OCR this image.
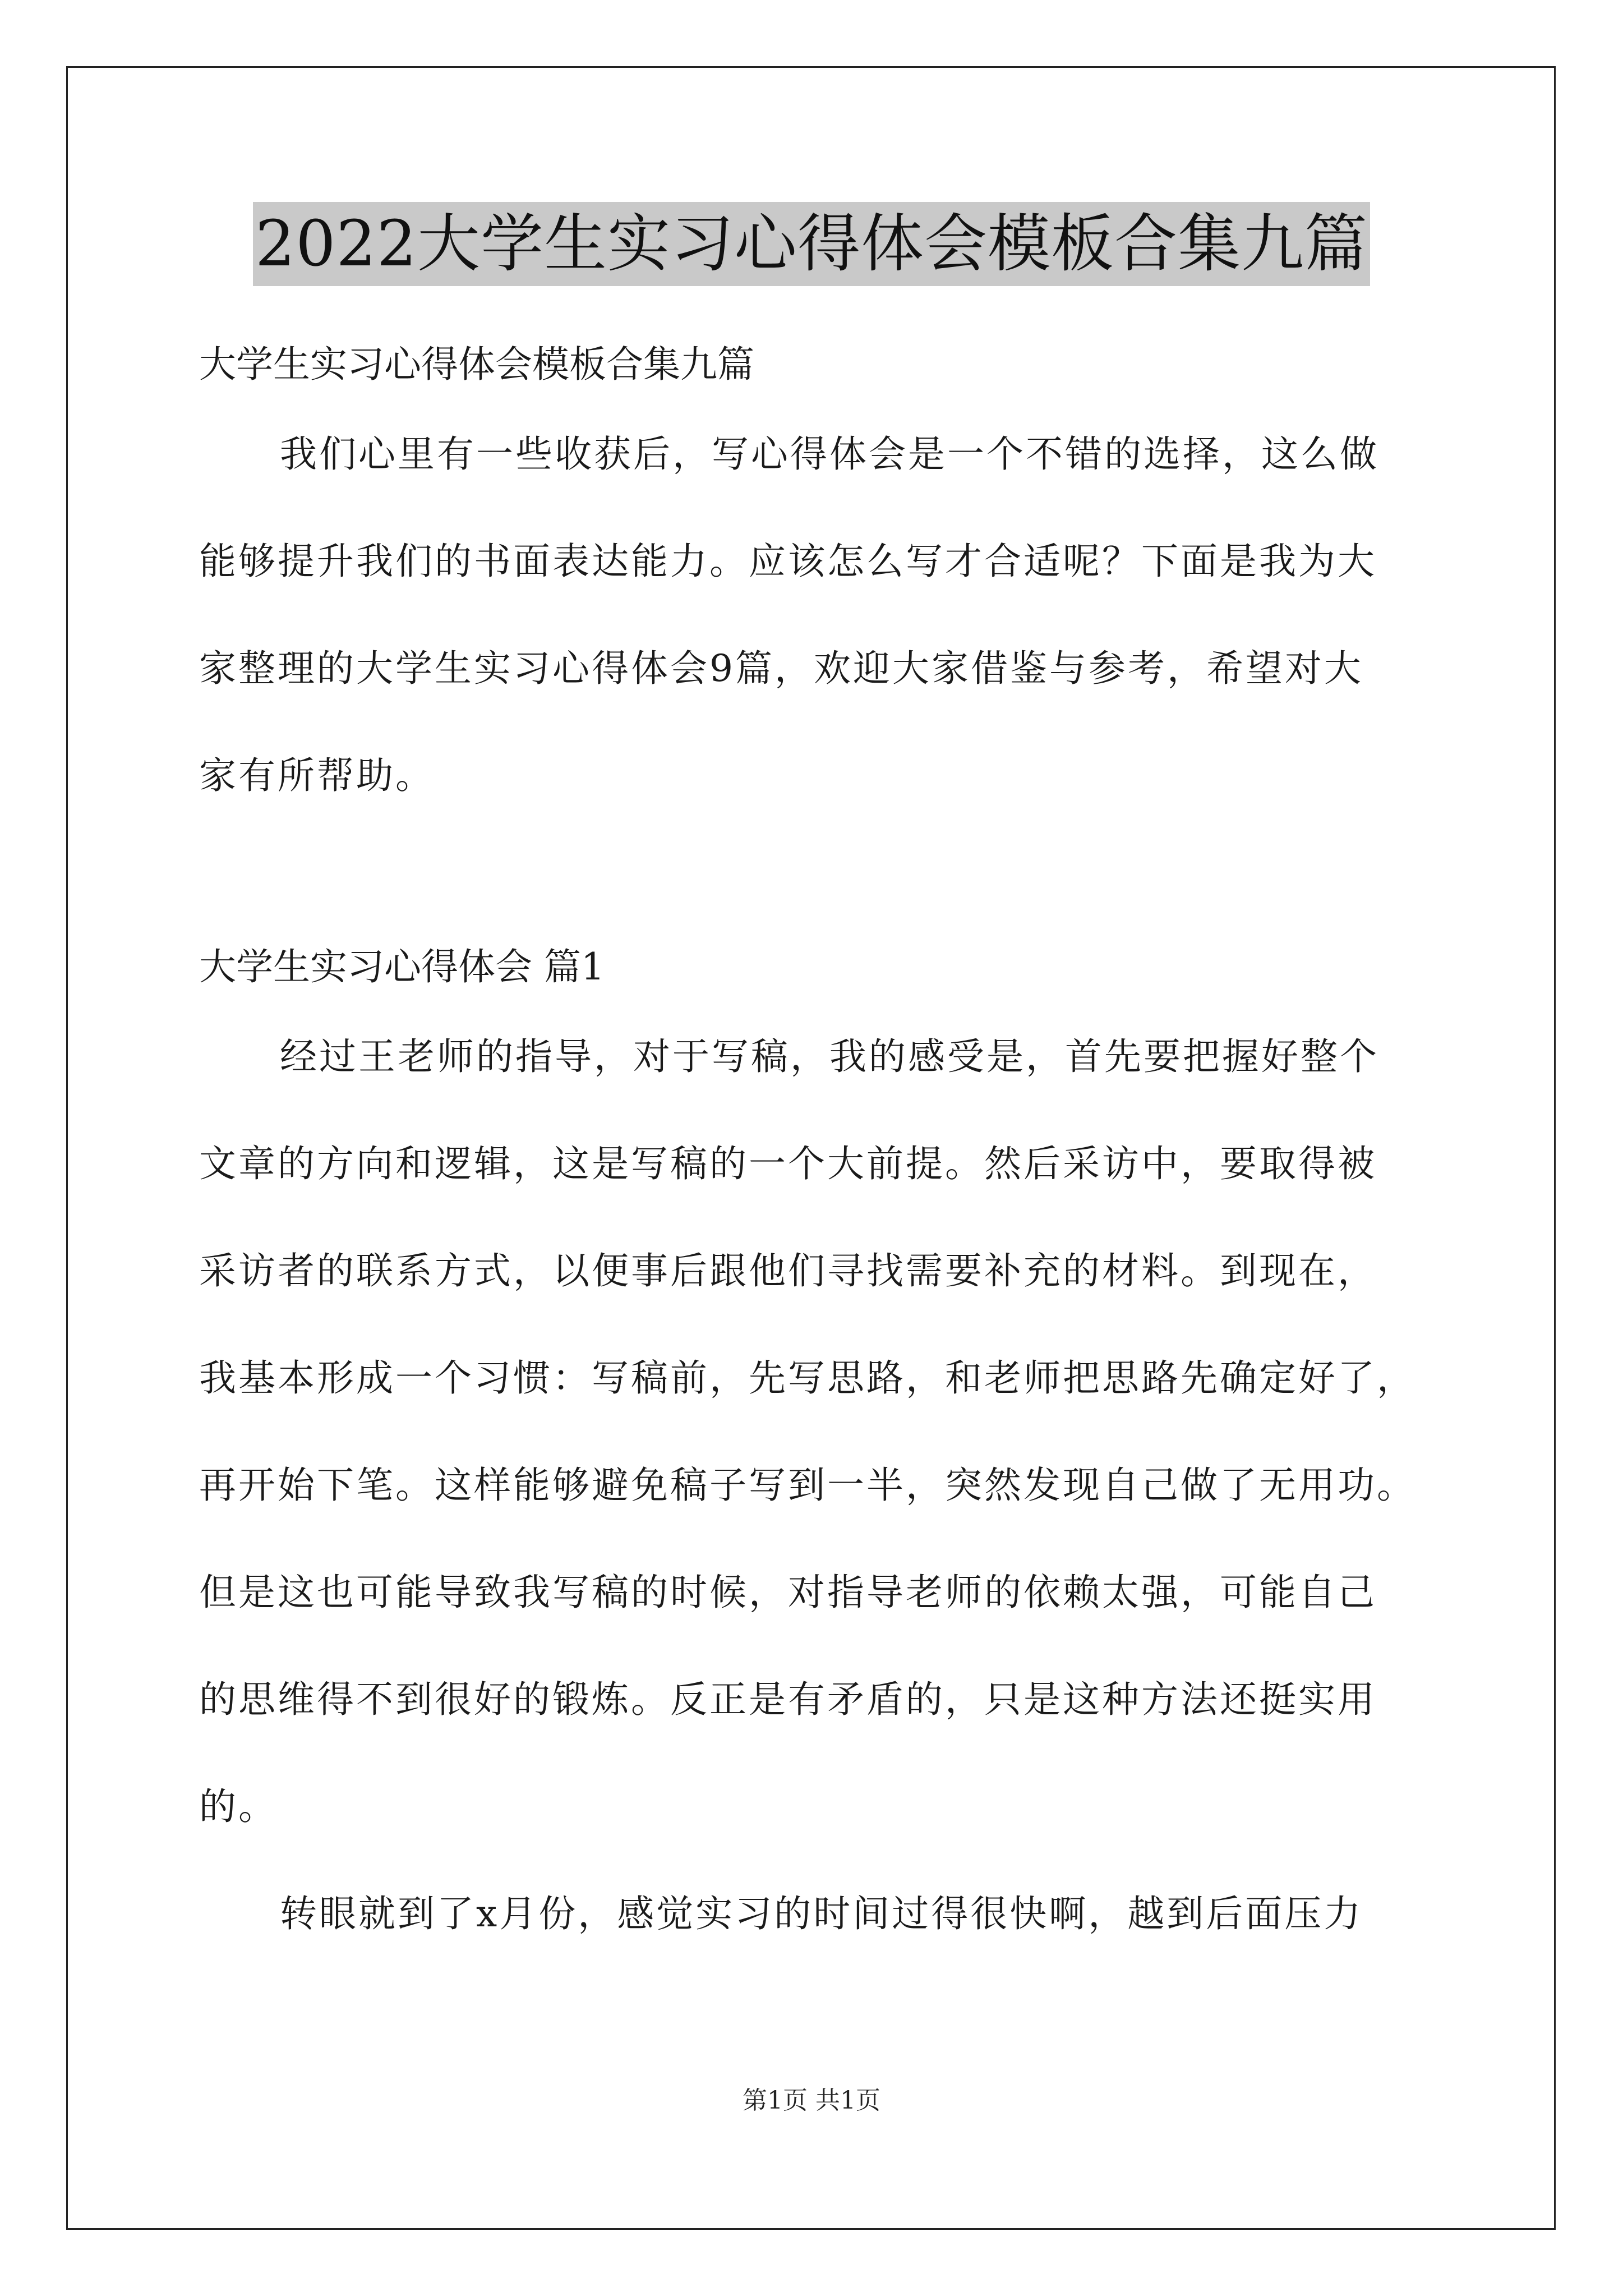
2022大学生实习心得体会模板合集九篇

大学生实习心得体会模板合集九篇

我们心里有一些收获后，写心得体会是一个不错的选择，这么做
能够提升我们的书面表达能力。应该怎么写才合适呢？下面是我为大
家整理的大学生实习心得体会9篇，欢迎大家借鉴与参考，希望对大
家有所帮助。

大学生实习心得体会 篇1

经过王老师的指导，对于写稿，我的感受是，首先要把握好整个
文章的方向和逻辑，这是写稿的一个大前提。然后采访中，要取得被
采访者的联系方式，以便事后跟他们寻找需要补充的材料。到现在，
我基本形成一个习惯：写稿前，先写思路，和老师把思路先确定好了，
再开始下笔。这样能够避免稿子写到一半，突然发现自己做了无用功。
但是这也可能导致我写稿的时候，对指导老师的依赖太强，可能自己
的思维得不到很好的锻炼。反正是有矛盾的，只是这种方法还挺实用
的。

转眼就到了x月份，感觉实习的时间过得很快啊，越到后面压力

第1页 共1页
